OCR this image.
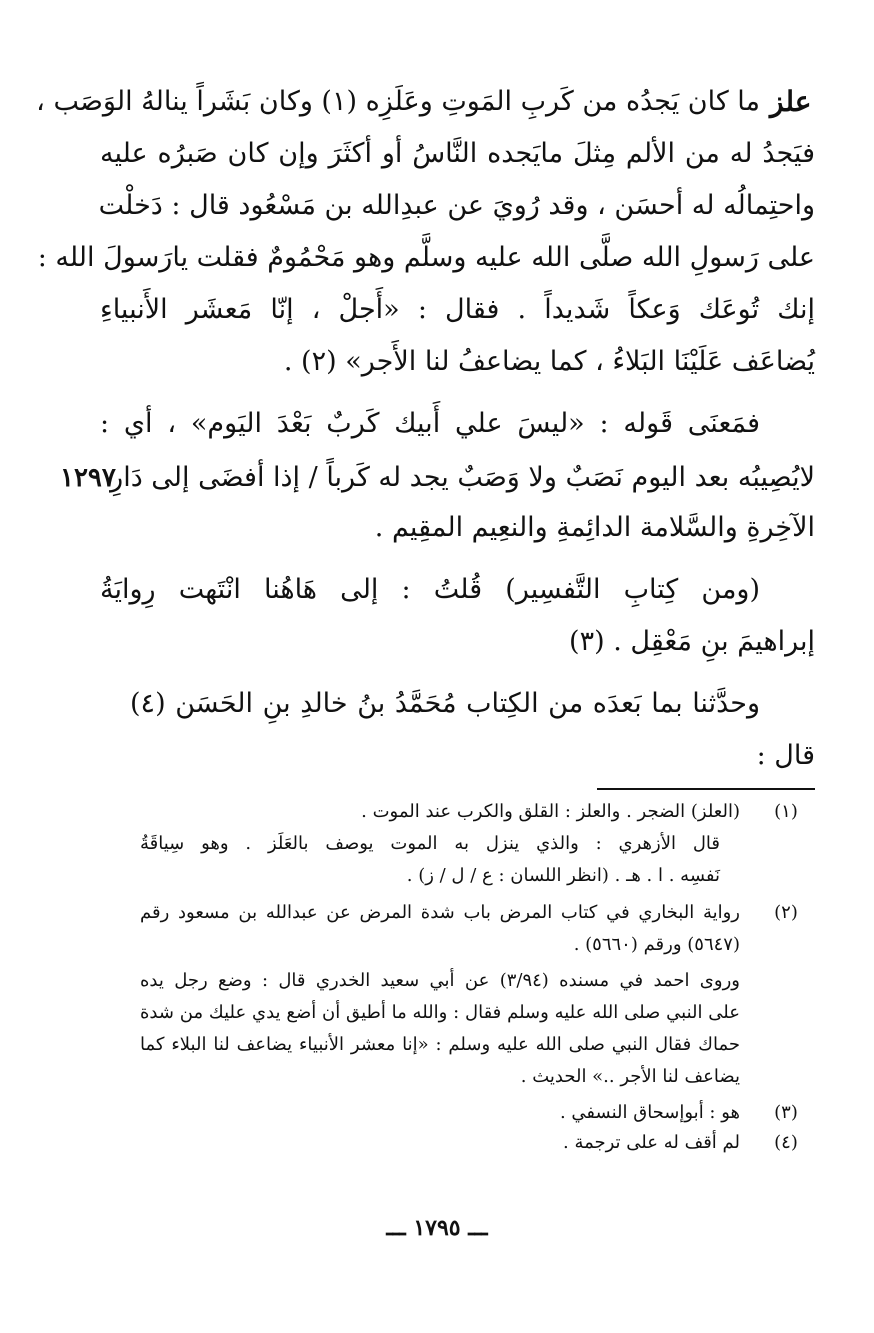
علز
١٢٩٧
ما كان يَجدُه من كَربِ المَوتِ وعَلَزِه (١) وكان بَشَراً ينالهُ الوَصَب ،
فيَجدُ له من الألم مِثلَ مايَجده النَّاسُ أو أكثَرَ وإن كان صَبرُه عليه
واحتِمالُه له أحسَن ، وقد رُويَ عن عبدِالله بن مَسْعُود قال : دَخلْت
على رَسولِ الله صلَّى الله عليه وسلَّم وهو مَحْمُومٌ فقلت يارَسولَ الله :
إنك تُوعَك وَعكاً شَديداً . فقال : «أَجلْ ، إنّا مَعشَر الأَنبياءِ
يُضاعَف عَلَيْنَا البَلاءُ ، كما يضاعفُ لنا الأَجر» (٢) .
فمَعنَى قَوله : «ليسَ علي أَبيك كَربٌ بَعْدَ اليَوم» ، أي :
لايُصِيبُه بعد اليوم نَصَبٌ ولا وَصَبٌ يجد له كَرباً / إذا أفضَى إلى دَارِ
الآخِرةِ والسَّلامة الدائِمةِ والنعِيم المقِيم .
(ومن كِتابِ التَّفسِير) قُلتُ : إلى هَاهُنا انْتَهت رِوايَةُ
إبراهيمَ بنِ مَعْقِل . (٣)
وحدَّثنا بما بَعدَه من الكِتاب مُحَمَّدُ بنُ خالدِ بنِ الحَسَن (٤)
قال :
(١)
(العلز) الضجر . والعلز : القلق والكرب عند الموت .
قال الأزهري : والذي ينزل به الموت يوصف بالعَلَز . وهو سِياقَةُ
نَفسِه . ا . هـ . (انظر اللسان : ع / ل / ز) .
(٢)
رواية البخاري في كتاب المرض باب شدة المرض عن عبدالله بن مسعود رقم
(٥٦٤٧) ورقم (٥٦٦٠) .
وروى احمد في مسنده (٣/٩٤) عن أبي سعيد الخدري قال : وضع رجل يده
على النبي صلى الله عليه وسلم فقال : والله ما أطيق أن أضع يدي عليك من شدة
حماك فقال النبي صلى الله عليه وسلم : «إنا معشر الأنبياء يضاعف لنا البلاء كما
يضاعف لنا الأجر ..» الحديث .
(٣)
هو : أبوإسحاق النسفي .
(٤)
لم أقف له على ترجمة .
ـــ ١٧٩٥ ـــ
